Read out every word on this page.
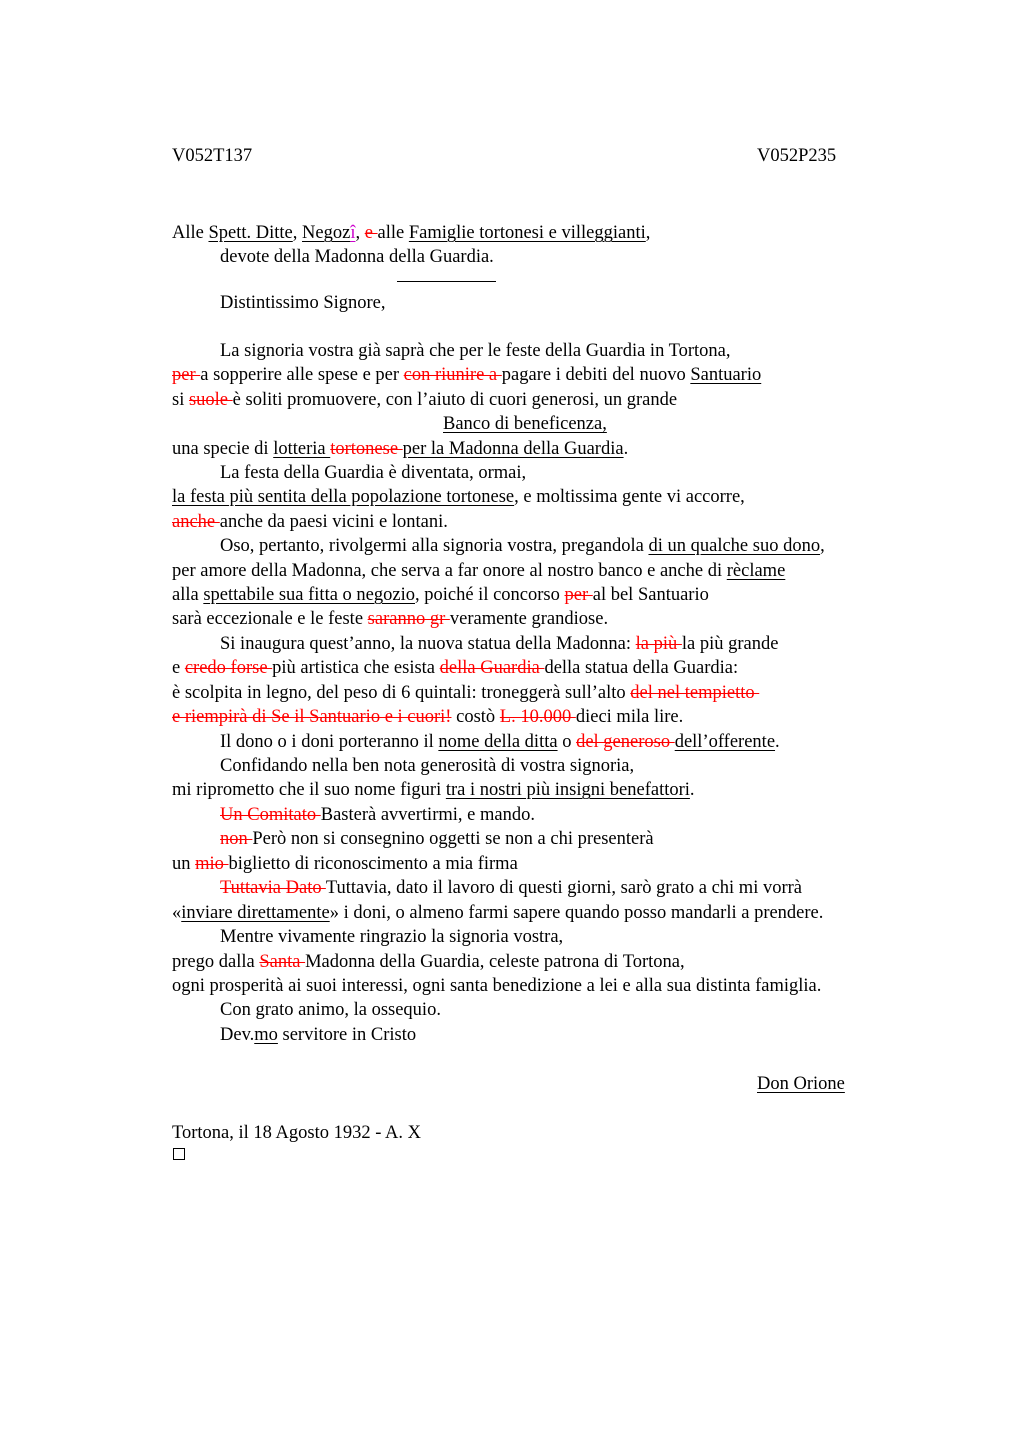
V052T137	V052P235
Alle Spett. Ditte, Negozî, e alle Famiglie tortonesi e villeggianti,
devote della Madonna della Guardia.
Distintissimo Signore,
La signoria vostra già saprà che per le feste della Guardia in Tortona,
per a sopperire alle spese e per con riunire a pagare i debiti del nuovo Santuario
si suole è soliti promuovere, con l’aiuto di cuori generosi, un grande
Banco di beneficenza,
una specie di lotteria tortonese per la Madonna della Guardia.
La festa della Guardia è diventata, ormai,
la festa più sentita della popolazione tortonese, e moltissima gente vi accorre,
anche anche da paesi vicini e lontani.
Oso, pertanto, rivolgermi alla signoria vostra, pregandola di un qualche suo dono,
per amore della Madonna, che serva a far onore al nostro banco e anche di rèclame
alla spettabile sua fitta o negozio, poiché il concorso per al bel Santuario
sarà eccezionale e le feste saranno gr veramente grandiose.
Si inaugura quest’anno, la nuova statua della Madonna: la più la più grande
e credo forse più artistica che esista della Guardia della statua della Guardia:
è scolpita in legno, del peso di 6 quintali: troneggerà sull’alto del nel tempietto
e riempirà di Se il Santuario e i cuori! costò L. 10.000 dieci mila lire.
Il dono o i doni porteranno il nome della ditta o del generoso dell’offerente.
Confidando nella ben nota generosità di vostra signoria,
mi riprometto che il suo nome figuri tra i nostri più insigni benefattori.
Un Comitato Basterà avvertirmi, e mando.
non Però non si consegnino oggetti se non a chi presenterà
un mio biglietto di riconoscimento a mia firma
Tuttavia Dato Tuttavia, dato il lavoro di questi giorni, sarò grato a chi mi vorrà
«inviare direttamente» i doni, o almeno farmi sapere quando posso mandarli a prendere.
Mentre vivamente ringrazio la signoria vostra,
prego dalla Santa Madonna della Guardia, celeste patrona di Tortona,
ogni prosperità ai suoi interessi, ogni santa benedizione a lei e alla sua distinta famiglia.
Con grato animo, la ossequio.
Dev.mo servitore in Cristo
Don Orione
Tortona, il 18 Agosto 1932 - A. X
